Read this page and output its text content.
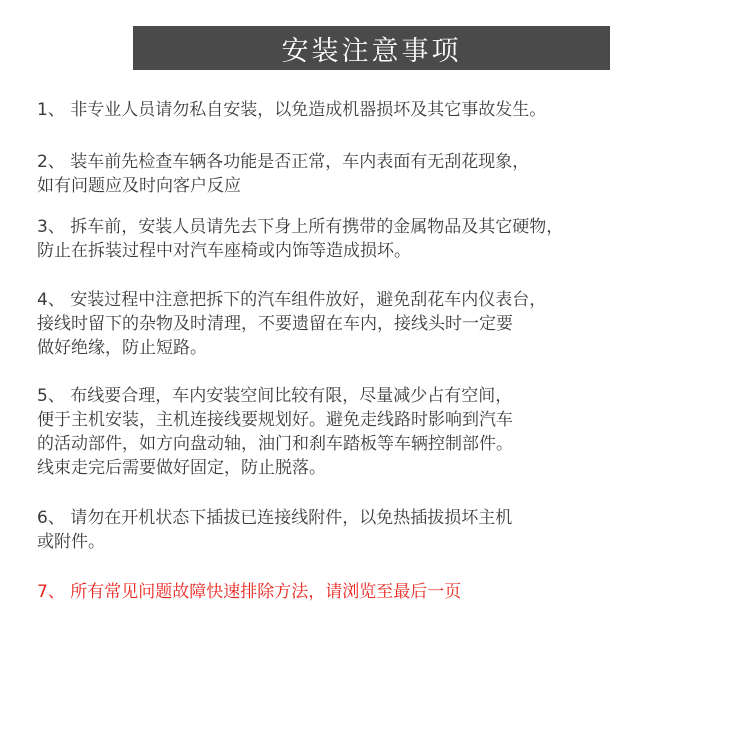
安装注意事项
1、 非专业人员请勿私自安装，以免造成机器损坏及其它事故发生。
2、 装车前先检查车辆各功能是否正常，车内表面有无刮花现象，
如有问题应及时向客户反应
3、 拆车前，安装人员请先去下身上所有携带的金属物品及其它硬物，
防止在拆装过程中对汽车座椅或内饰等造成损坏。
4、 安装过程中注意把拆下的汽车组件放好，避免刮花车内仪表台，
接线时留下的杂物及时清理，不要遗留在车内，接线头时一定要
做好绝缘，防止短路。
5、 布线要合理，车内安装空间比较有限，尽量减少占有空间，
便于主机安装，主机连接线要规划好。避免走线路时影响到汽车
的活动部件，如方向盘动轴，油门和刹车踏板等车辆控制部件。
线束走完后需要做好固定，防止脱落。
6、 请勿在开机状态下插拔已连接线附件，以免热插拔损坏主机
或附件。
7、 所有常见问题故障快速排除方法，请浏览至最后一页
